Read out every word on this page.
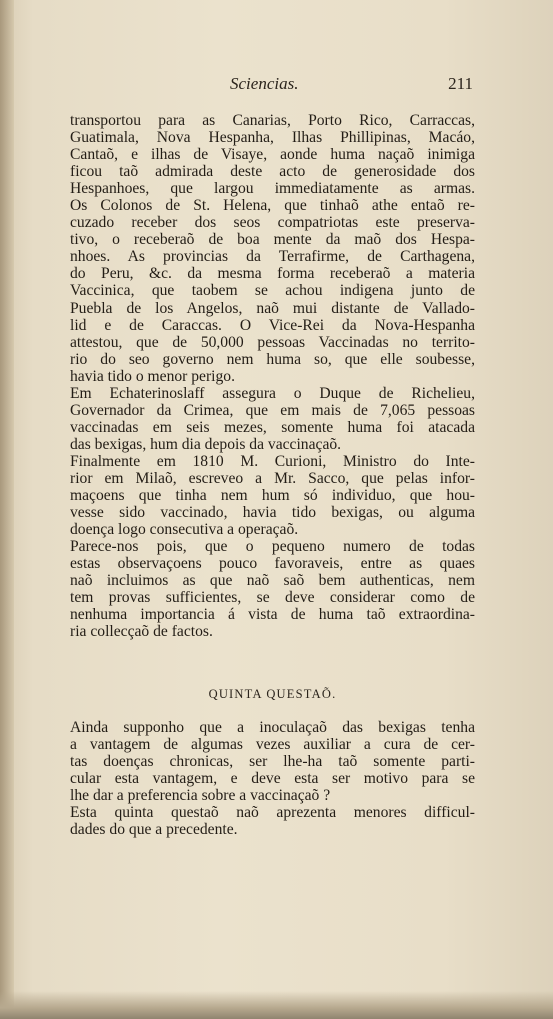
Sciencias.	211
transportou para as Canarias, Porto Rico, Carraccas,
Guatimala, Nova Hespanha, Ilhas Phillipinas, Macáo,
Cantaõ, e ilhas de Visaye, aonde huma naçaõ inimiga
ficou taõ admirada deste acto de generosidade dos
Hespanhoes, que largou immediatamente as armas.
Os Colonos de St. Helena, que tinhaõ athe entaõ re-
cuzado receber dos seos compatriotas este preserva-
tivo, o receberaõ de boa mente da maõ dos Hespa-
nhoes. As provincias da Terrafirme, de Carthagena,
do Peru, &c. da mesma forma receberaõ a materia
Vaccinica, que taobem se achou indigena junto de
Puebla de los Angelos, naõ mui distante de Vallado-
lid e de Caraccas. O Vice-Rei da Nova-Hespanha
attestou, que de 50,000 pessoas Vaccinadas no territo-
rio do seo governo nem huma so, que elle soubesse,
havia tido o menor perigo.
Em Echaterinoslaff assegura o Duque de Richelieu,
Governador da Crimea, que em mais de 7,065 pessoas
vaccinadas em seis mezes, somente huma foi atacada
das bexigas, hum dia depois da vaccinaçaõ.
Finalmente em 1810 M. Curioni, Ministro do Inte-
rior em Milaõ, escreveo a Mr. Sacco, que pelas infor-
maçoens que tinha nem hum só individuo, que hou-
vesse sido vaccinado, havia tido bexigas, ou alguma
doença logo consecutiva a operaçaõ.
Parece-nos pois, que o pequeno numero de todas
estas observaçoens pouco favoraveis, entre as quaes
naõ incluimos as que naõ saõ bem authenticas, nem
tem provas sufficientes, se deve considerar como de
nenhuma importancia á vista de huma taõ extraordina-
ria collecçaõ de factos.
QUINTA QUESTAÕ.
Ainda supponho que a inoculaçaõ das bexigas tenha
a vantagem de algumas vezes auxiliar a cura de cer-
tas doenças chronicas, ser lhe-ha taõ somente parti-
cular esta vantagem, e deve esta ser motivo para se
lhe dar a preferencia sobre a vaccinaçaõ ?
Esta quinta questaõ naõ aprezenta menores difficul-
dades do que a precedente.
